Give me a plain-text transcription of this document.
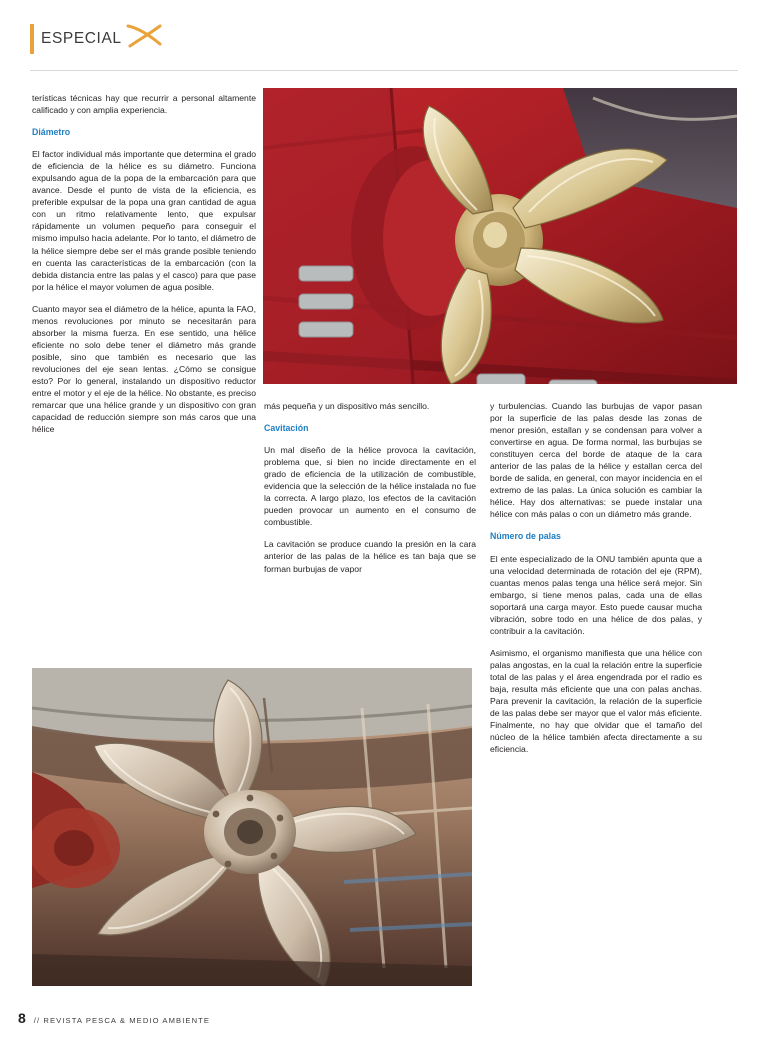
ESPECIAL

terísticas técnicas hay que recurrir a personal altamente calificado y con amplia experiencia.

Diámetro

El factor individual más importante que determina el grado de eficiencia de la hélice es su diámetro. Funciona expulsando agua de la popa de la embarcación para que avance. Desde el punto de vista de la eficiencia, es preferible expulsar de la popa una gran cantidad de agua con un ritmo relativamente lento, que expulsar rápidamente un volumen pequeño para conseguir el mismo impulso hacia adelante. Por lo tanto, el diámetro de la hélice siempre debe ser el más grande posible teniendo en cuenta las características de la embarcación (con la debida distancia entre las palas y el casco) para que pase por la hélice el mayor volumen de agua posible.

Cuanto mayor sea el diámetro de la hélice, apunta la FAO, menos revoluciones por minuto se necesitarán para absorber la misma fuerza. En ese sentido, una hélice eficiente no solo debe tener el diámetro más grande posible, sino que también es necesario que las revoluciones del eje sean lentas. ¿Cómo se consigue esto? Por lo general, instalando un dispositivo reductor entre el motor y el eje de la hélice. No obstante, es preciso remarcar que una hélice grande y un dispositivo con gran capacidad de reducción siempre son más caros que una hélice

más pequeña y un dispositivo más sencillo.

Cavitación

Un mal diseño de la hélice provoca la cavitación, problema que, si bien no incide directamente en el grado de eficiencia de la utilización de combustible, evidencia que la selección de la hélice instalada no fue la correcta. A largo plazo, los efectos de la cavitación pueden provocar un aumento en el consumo de combustible.

La cavitación se produce cuando la presión en la cara anterior de las palas de la hélice es tan baja que se forman burbujas de vapor

y turbulencias. Cuando las burbujas de vapor pasan por la superficie de las palas desde las zonas de menor presión, estallan y se condensan para volver a convertirse en agua. De forma normal, las burbujas se constituyen cerca del borde de ataque de la cara anterior de las palas de la hélice y estallan cerca del borde de salida, en general, con mayor incidencia en el extremo de las palas. La única solución es cambiar la hélice. Hay dos alternativas: se puede instalar una hélice con más palas o con un diámetro más grande.

Número de palas

El ente especializado de la ONU también apunta que a una velocidad determinada de rotación del eje (RPM), cuantas menos palas tenga una hélice será mejor. Sin embargo, si tiene menos palas, cada una de ellas soportará una carga mayor. Esto puede causar mucha vibración, sobre todo en una hélice de dos palas, y contribuir a la cavitación.

Asimismo, el organismo manifiesta que una hélice con palas angostas, en la cual la relación entre la superficie total de las palas y el área engendrada por el radio es baja, resulta más eficiente que una con palas anchas. Para prevenir la cavitación, la relación de la superficie de las palas debe ser mayor que el valor más eficiente. Finalmente, no hay que olvidar que el tamaño del núcleo de la hélice también afecta directamente a su eficiencia.

8 // REVISTA PESCA & MEDIO AMBIENTE
